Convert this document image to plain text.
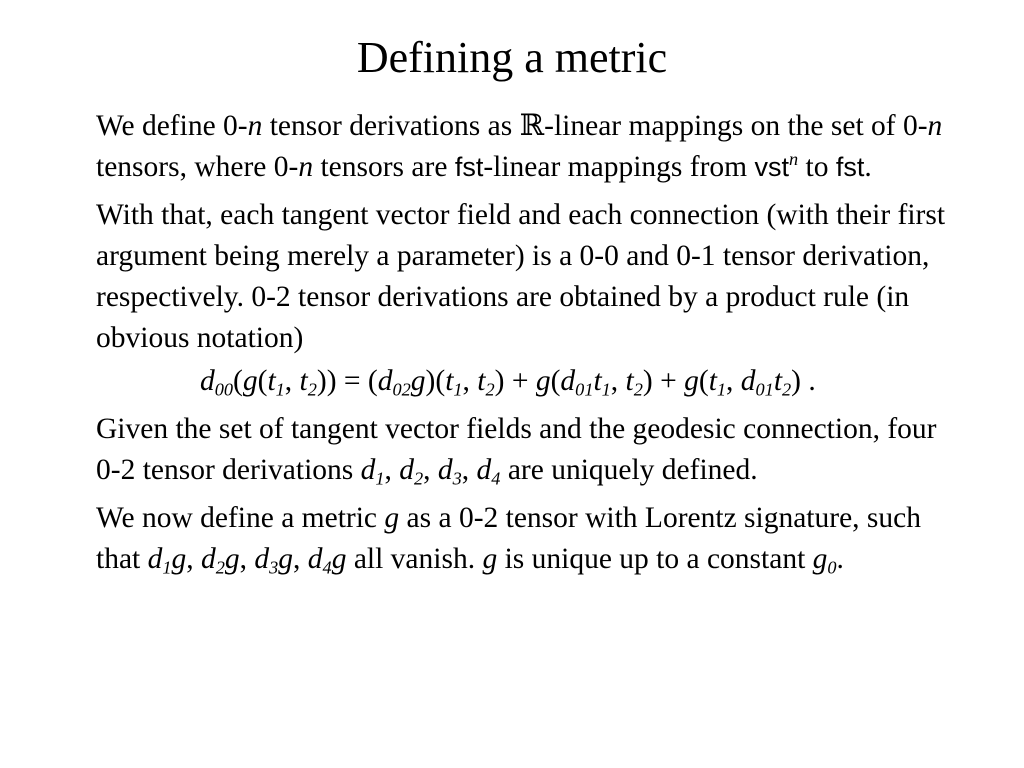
Defining a metric

We define 0-n tensor derivations as ℝ-linear mappings on the set of 0-n tensors, where 0-n tensors are fst-linear mappings from vst$^n$ to fst.

With that, each tangent vector field and each connection (with their first argument being merely a parameter) is a 0-0 and 0-1 tensor derivation, respectively. 0-2 tensor derivations are obtained by a product rule (in obvious notation)

$d_{00}(g(t_1$, $t_2)) = (d_{02}g)(t_1$, $t_2) + g(d_{01}t_1$, $t_2) + g(t_1$, $d_{01}t_2$) .

Given the set of tangent vector fields and the geodesic connection, four 0-2 tensor derivations $d_1$, $d_2$, $d_3$, $d_4$ are uniquely defined.

We now define a metric g as a 0-2 tensor with Lorentz signature, such that $d_1g$, $d_2g$, $d_3g$, $d_4g$ all vanish. g is unique up to a constant $g_0$.
